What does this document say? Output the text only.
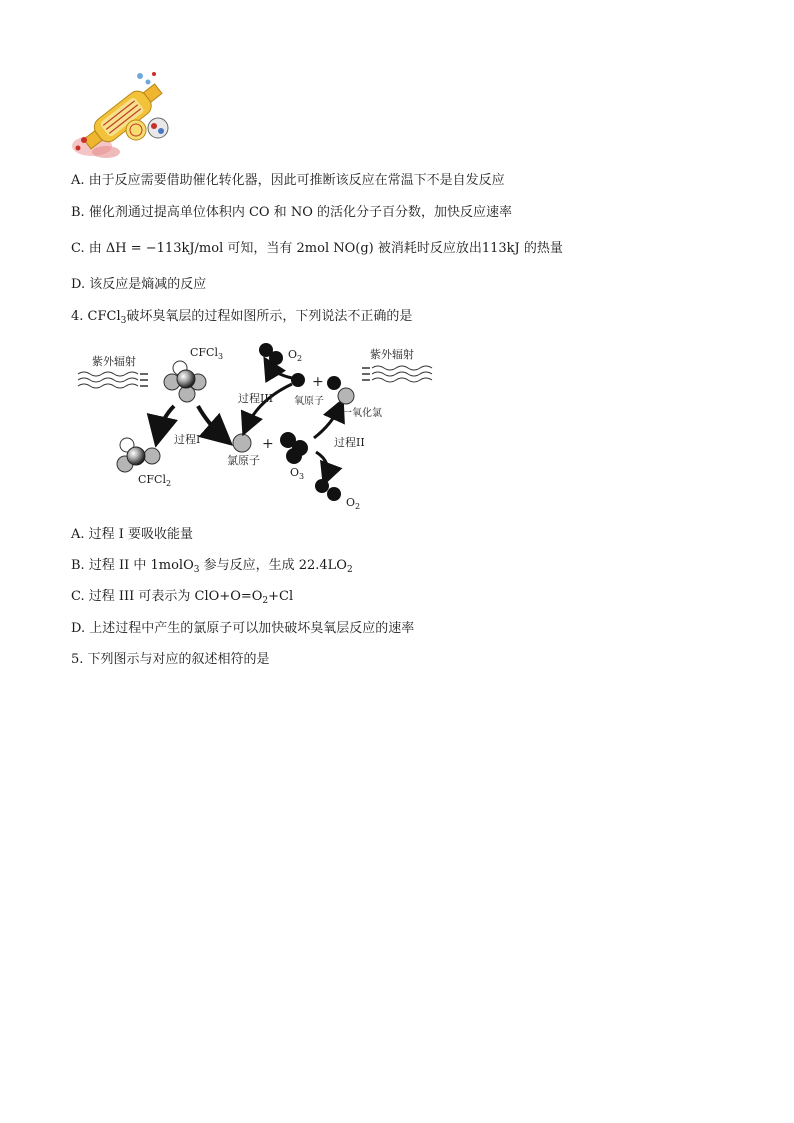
A. 由于反应需要借助催化转化器，因此可推断该反应在常温下不是自发反应
B. 催化剂通过提高单位体积内 CO 和 NO 的活化分子百分数，加快反应速率
C. 由 ΔH = −113kJ/mol 可知，当有 2mol NO(g) 被消耗时反应放出113kJ 的热量
D. 该反应是熵减的反应
4. CFCl$_3$破坏臭氧层的过程如图所示，下列说法不正确的是
紫外辐射
CFCl$_3$
过程I
CFCl$_2$
氯原子
+
$O_3$
过程II
$O_2$
+
氧原子
一氧化氯
过程III
$O_2$	紫外辐射
A. 过程 I 要吸收能量
B. 过程 II 中 1molO$_3$ 参与反应，生成 $22.4LO_2$
C. 过程 III 可表示为 $ClO+O=O_2+Cl$
D. 上述过程中产生的氯原子可以加快破坏臭氧层反应的速率
5. 下列图示与对应的叙述相符的是
